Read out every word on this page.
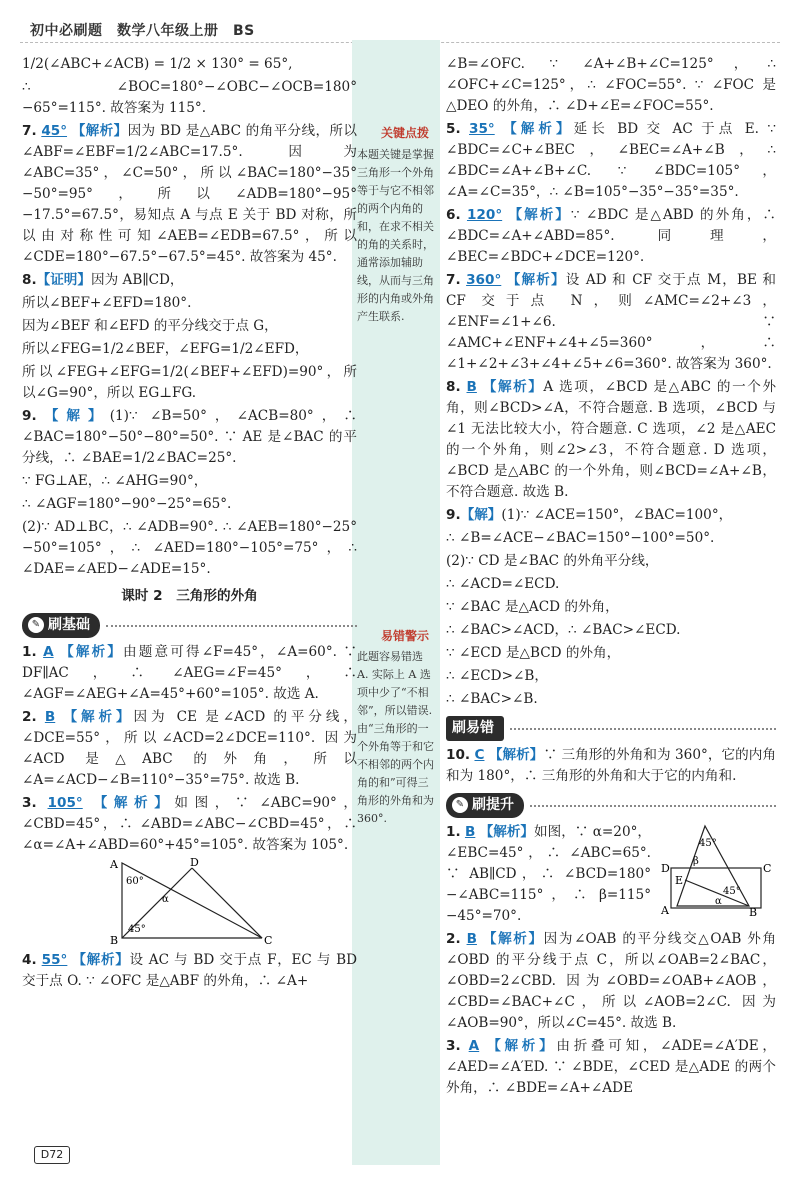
初中必刷题　数学八年级上册　BS
关键点拨
本题关键是掌握三角形一个外角等于与它不相邻的两个内角的和，在求不相关的角的关系时，通常添加辅助线，从而与三角形的内角或外角产生联系.
易错警示
此题容易错选 A. 实际上 A 选项中少了“不相邻”，所以错误. 由“三角形的一个外角等于和它不相邻的两个内角的和”可得三角形的外角和为 360°.

1/2(∠ABC+∠ACB) = 1/2 × 130° = 65°,

∴ ∠BOC=180°−∠OBC−∠OCB=180°−65°=115°. 故答案为 115°.

7. 45° 【解析】因为 BD 是△ABC 的角平分线，所以∠ABF=∠EBF=1/2∠ABC=17.5°. 因为∠ABC=35°，∠C=50°，所以∠BAC=180°−35°−50°=95°，所以∠ADB=180°−95°−17.5°=67.5°，易知点 A 与点 E 关于 BD 对称，所以由对称性可知∠AEB=∠EDB=67.5°，所以∠CDE=180°−67.5°−67.5°=45°. 故答案为 45°.

8.【证明】因为 AB∥CD，

所以∠BEF+∠EFD=180°.

因为∠BEF 和∠EFD 的平分线交于点 G，

所以∠FEG=1/2∠BEF，∠EFG=1/2∠EFD，

所以∠FEG+∠EFG=1/2(∠BEF+∠EFD)=90°，所以∠G=90°，所以 EG⊥FG.

9.【解】(1)∵ ∠B=50°，∠ACB=80°，∴ ∠BAC=180°−50°−80°=50°. ∵ AE 是∠BAC 的平分线，∴ ∠BAE=1/2∠BAC=25°.

∵ FG⊥AE，∴ ∠AHG=90°，

∴ ∠AGF=180°−90°−25°=65°.

(2)∵ AD⊥BC，∴ ∠ADB=90°. ∴ ∠AEB=180°−25°−50°=105°，∴ ∠AED=180°−105°=75°，∴ ∠DAE=∠AED−∠ADE=15°.

课时 2　三角形的外角
✎ 刷基础

1. A 【解析】由题意可得∠F=45°，∠A=60°. ∵ DF∥AC，∴ ∠AEG=∠F=45°，∴ ∠AGF=∠AEG+∠A=45°+60°=105°. 故选 A.

2. B 【解析】因为 CE 是∠ACD 的平分线，∠DCE=55°，所以∠ACD=2∠DCE=110°. 因为∠ACD 是△ABC 的外角，所以∠A=∠ACD−∠B=110°−35°=75°. 故选 B.

3. 105° 【解析】如图，∵ ∠ABC=90°，∠CBD=45°，∴ ∠ABD=∠ABC−∠CBD=45°，∴ ∠α=∠A+∠ABD=60°+45°=105°. 故答案为 105°.

A	D
B	C
60°
45°
α

4. 55° 【解析】设 AC 与 BD 交于点 F，EC 与 BD 交于点 O. ∵ ∠OFC 是△ABF 的外角，∴ ∠A+

∠B=∠OFC. ∵ ∠A+∠B+∠C=125°，∴ ∠OFC+∠C=125°，∴ ∠FOC=55°. ∵ ∠FOC 是△DEO 的外角，∴ ∠D+∠E=∠FOC=55°.

5. 35° 【解析】延长 BD 交 AC 于点 E. ∵ ∠BDC=∠C+∠BEC，∠BEC=∠A+∠B，∴ ∠BDC=∠A+∠B+∠C. ∵ ∠BDC=105°，∠A=∠C=35°，∴ ∠B=105°−35°−35°=35°.

6. 120° 【解析】∵ ∠BDC 是△ABD 的外角，∴ ∠BDC=∠A+∠ABD=85°. 同理，∠BEC=∠BDC+∠DCE=120°.

7. 360° 【解析】设 AD 和 CF 交于点 M，BE 和 CF 交于点 N，则∠AMC=∠2+∠3，∠ENF=∠1+∠6. ∵ ∠AMC+∠ENF+∠4+∠5=360°，∴ ∠1+∠2+∠3+∠4+∠5+∠6=360°. 故答案为 360°.

8. B 【解析】A 选项，∠BCD 是△ABC 的一个外角，则∠BCD>∠A，不符合题意. B 选项，∠BCD 与∠1 无法比较大小，符合题意. C 选项，∠2 是△AEC 的一个外角，则∠2>∠3，不符合题意. D 选项，∠BCD 是△ABC 的一个外角，则∠BCD=∠A+∠B，不符合题意. 故选 B.

9.【解】(1)∵ ∠ACE=150°，∠BAC=100°，

∴ ∠B=∠ACE−∠BAC=150°−100°=50°.

(2)∵ CD 是∠BAC 的外角平分线，

∴ ∠ACD=∠ECD.

∵ ∠BAC 是△ACD 的外角，

∴ ∠BAC>∠ACD，∴ ∠BAC>∠ECD.

∵ ∠ECD 是△BCD 的外角，

∴ ∠ECD>∠B，

∴ ∠BAC>∠B.

刷易错

10. C 【解析】∵ 三角形的外角和为 360°，它的内角和为 180°，∴ 三角形的外角和大于它的内角和.

✎ 刷提升

1. B 【解析】如图，∵ α=20°，∠EBC=45°，∴ ∠ABC=65°. ∵ AB∥CD，∴ ∠BCD=180°−∠ABC=115°，∴ β=115°−45°=70°.

45°
β
D	C
E
45°
α
A	B

2. B 【解析】因为∠OAB 的平分线交△OAB 外角∠OBD 的平分线于点 C，所以∠OAB=2∠BAC，∠OBD=2∠CBD. 因为∠OBD=∠OAB+∠AOB，∠CBD=∠BAC+∠C，所以∠AOB=2∠C. 因为∠AOB=90°，所以∠C=45°. 故选 B.

3. A 【解析】由折叠可知，∠ADE=∠A′DE，∠AED=∠A′ED. ∵ ∠BDE，∠CED 是△ADE 的两个外角，∴ ∠BDE=∠A+∠ADE

D72
